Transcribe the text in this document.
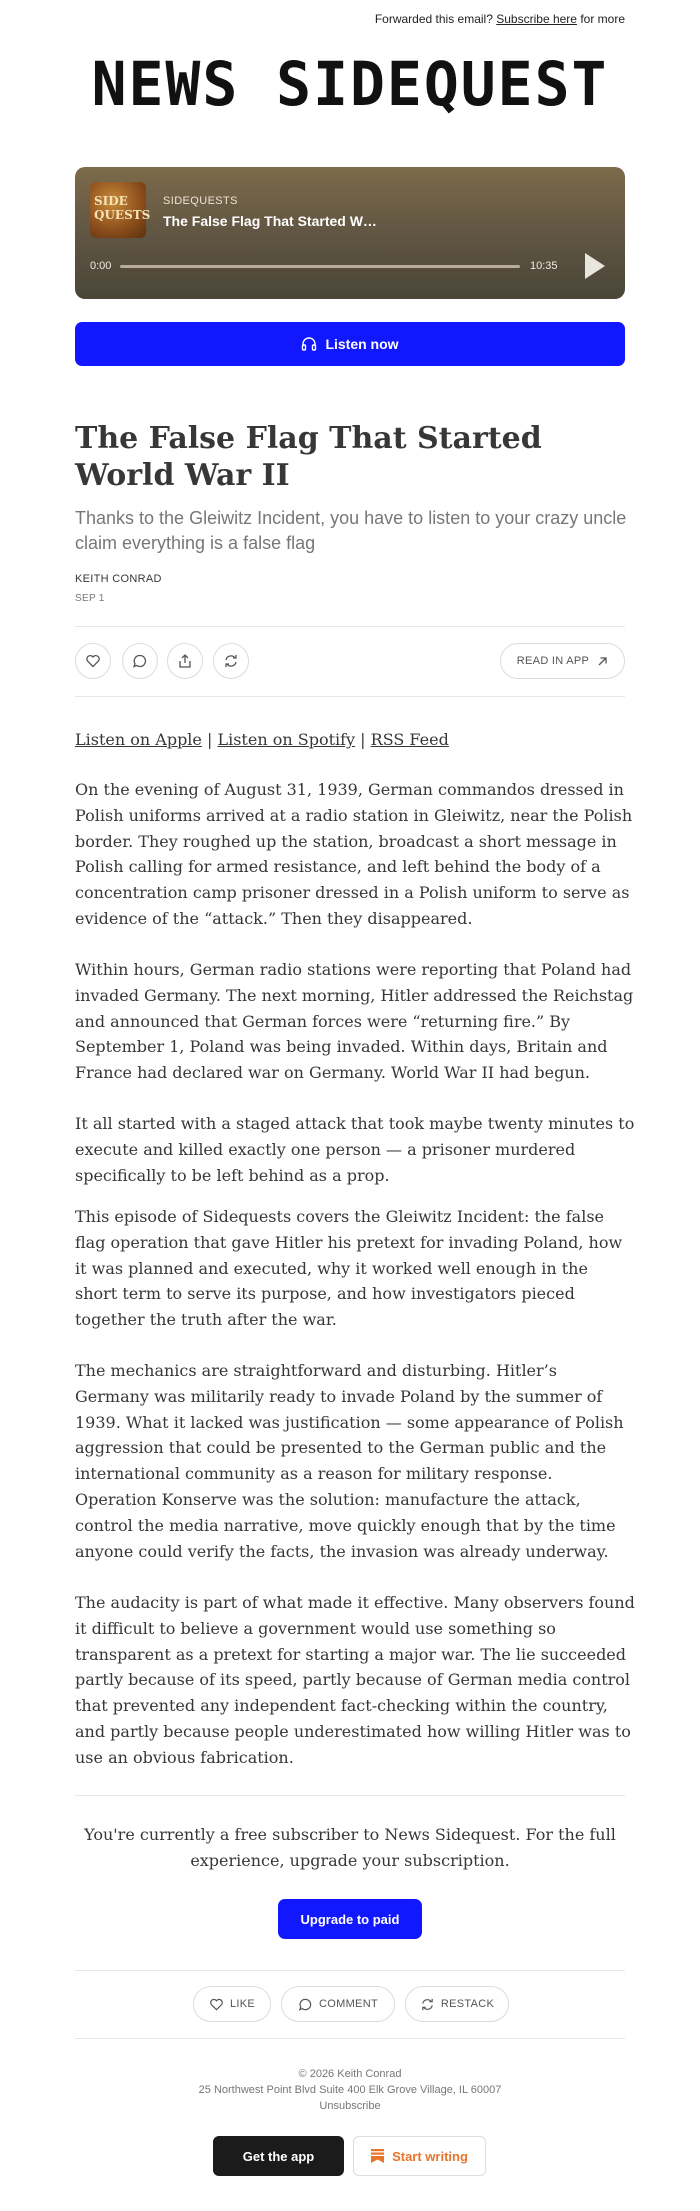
Forwarded this email? Subscribe here for more
NEWS SIDEQUEST
SIDE
QUESTS
SIDEQUESTS
The False Flag That Started W…
0:00	10:35
Listen now
The False Flag That Started World War II
Thanks to the Gleiwitz Incident, you have to listen to your crazy uncle claim everything is a false flag
KEITH CONRAD
SEP 1
READ IN APP
Listen on Apple | Listen on Spotify | RSS Feed

On the evening of August 31, 1939, German commandos dressed in Polish uniforms arrived at a radio station in Gleiwitz, near the Polish border. They roughed up the station, broadcast a short message in Polish calling for armed resistance, and left behind the body of a concentration camp prisoner dressed in a Polish uniform to serve as evidence of the “attack.” Then they disappeared.

Within hours, German radio stations were reporting that Poland had invaded Germany. The next morning, Hitler addressed the Reichstag and announced that German forces were “returning fire.” By September 1, Poland was being invaded. Within days, Britain and France had declared war on Germany. World War II had begun.

It all started with a staged attack that took maybe twenty minutes to execute and killed exactly one person — a prisoner murdered specifically to be left behind as a prop.

This episode of Sidequests covers the Gleiwitz Incident: the false flag operation that gave Hitler his pretext for invading Poland, how it was planned and executed, why it worked well enough in the short term to serve its purpose, and how investigators pieced together the truth after the war.

The mechanics are straightforward and disturbing. Hitler’s Germany was militarily ready to invade Poland by the summer of 1939. What it lacked was justification — some appearance of Polish aggression that could be presented to the German public and the international community as a reason for military response. Operation Konserve was the solution: manufacture the attack, control the media narrative, move quickly enough that by the time anyone could verify the facts, the invasion was already underway.

The audacity is part of what made it effective. Many observers found it difficult to believe a government would use something so transparent as a pretext for starting a major war. The lie succeeded partly because of its speed, partly because of German media control that prevented any independent fact-checking within the country, and partly because people underestimated how willing Hitler was to use an obvious fabrication.

You're currently a free subscriber to News Sidequest. For the full experience, upgrade your subscription.
Upgrade to paid
LIKE	COMMENT	RESTACK
© 2026 Keith Conrad
25 Northwest Point Blvd Suite 400 Elk Grove Village, IL 60007
Unsubscribe
Get the app	Start writing
